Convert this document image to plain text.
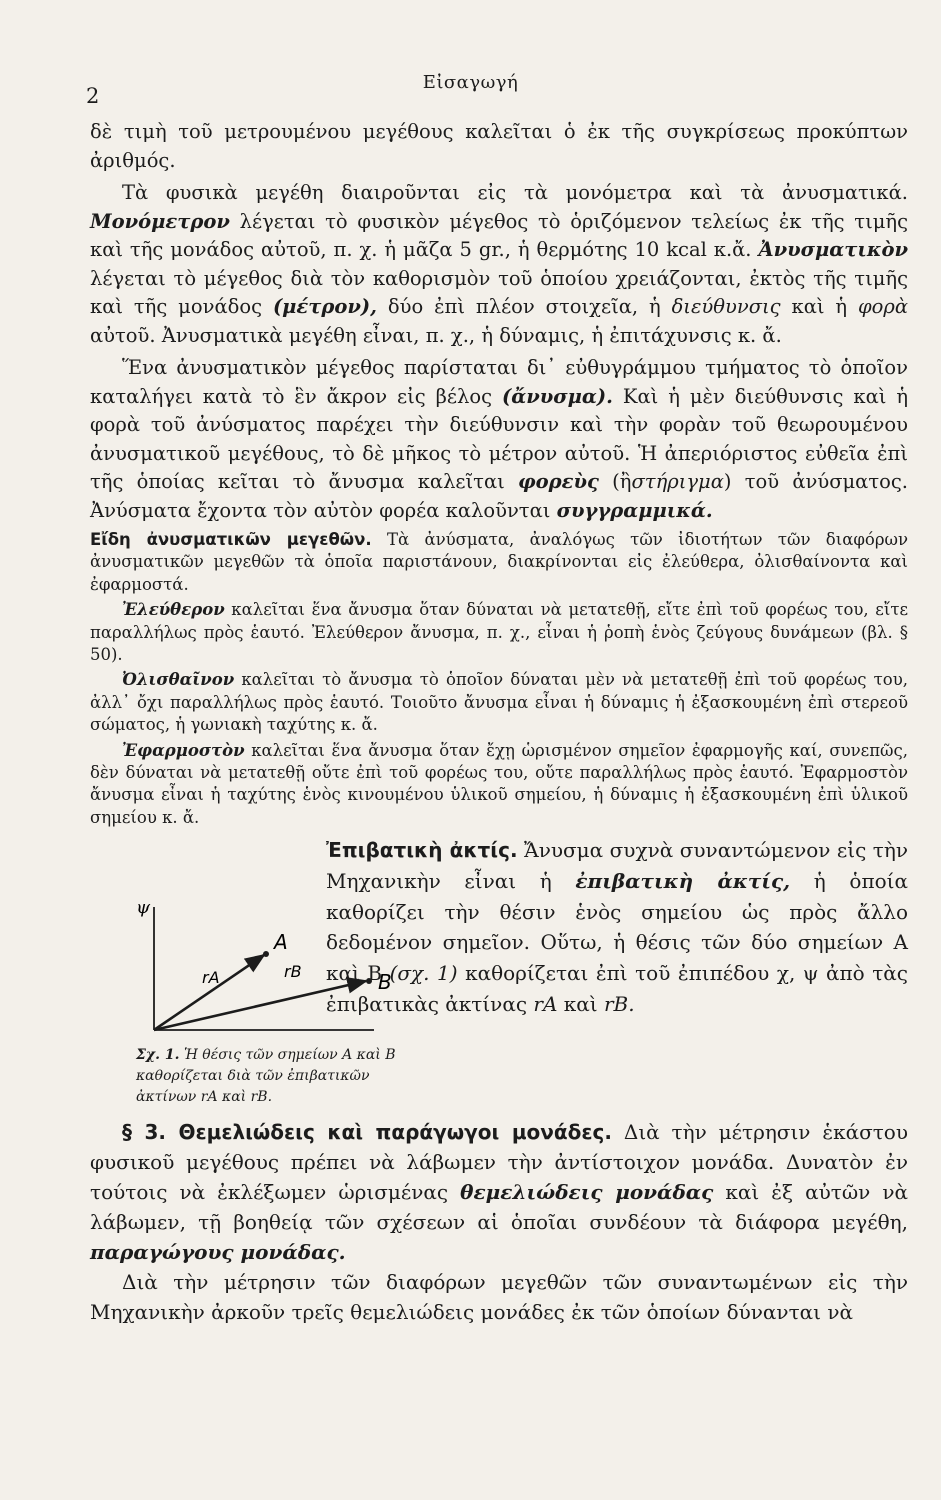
2
Εἰσαγωγή

δὲ τιμὴ τοῦ μετρουμένου μεγέθους καλεῖται ὁ ἐκ τῆς συγκρίσεως προκύπτων ἀριθμός.

Τὰ φυσικὰ μεγέθη διαιροῦνται εἰς τὰ μονόμετρα καὶ τὰ ἀνυσματικά. Μονόμετρον λέγεται τὸ φυσικὸν μέγεθος τὸ ὁριζόμενον τελείως ἐκ τῆς τιμῆς καὶ τῆς μονάδος αὐτοῦ, π. χ. ἡ μᾶζα 5 gr., ἡ θερμότης 10 kcal κ.ἄ. Ἀνυσματικὸν λέγεται τὸ μέγεθος διὰ τὸν καθορισμὸν τοῦ ὁποίου χρειάζονται, ἐκτὸς τῆς τιμῆς καὶ τῆς μονάδος (μέτρον), δύο ἐπὶ πλέον στοιχεῖα, ἡ διεύθυνσις καὶ ἡ φορὰ αὐτοῦ. Ἀνυσματικὰ μεγέθη εἶναι, π. χ., ἡ δύναμις, ἡ ἐπιτάχυνσις κ. ἄ.

Ἕνα ἀνυσματικὸν μέγεθος παρίσταται δι᾿ εὐθυγράμμου τμήματος τὸ ὁποῖον καταλήγει κατὰ τὸ ἓν ἄκρον εἰς βέλος (ἄνυσμα). Καὶ ἡ μὲν διεύθυνσις καὶ ἡ φορὰ τοῦ ἀνύσματος παρέχει τὴν διεύθυνσιν καὶ τὴν φορὰν τοῦ θεωρουμένου ἀνυσματικοῦ μεγέθους, τὸ δὲ μῆκος τὸ μέτρον αὐτοῦ. Ἡ ἀπεριόριστος εὐθεῖα ἐπὶ τῆς ὁποίας κεῖται τὸ ἄνυσμα καλεῖται φορεὺς (ἢστήριγμα) τοῦ ἀνύσματος. Ἀνύσματα ἔχοντα τὸν αὐτὸν φορέα καλοῦνται συγγραμμικά.

Εἴδη ἀνυσματικῶν μεγεθῶν. Τὰ ἀνύσματα, ἀναλόγως τῶν ἰδιοτήτων τῶν διαφόρων ἀνυσματικῶν μεγεθῶν τὰ ὁποῖα παριστάνουν, διακρίνονται εἰς ἐλεύθερα, ὀλισθαίνοντα καὶ ἐφαρμοστά.

Ἐλεύθερον καλεῖται ἕνα ἄνυσμα ὅταν δύναται νὰ μετατεθῇ, εἴτε ἐπὶ τοῦ φορέως του, εἴτε παραλλήλως πρὸς ἑαυτό. Ἐλεύθερον ἄνυσμα, π. χ., εἶναι ἡ ῥοπὴ ἑνὸς ζεύγους δυνάμεων (βλ. § 50).

Ὀλισθαῖνον καλεῖται τὸ ἄνυσμα τὸ ὁποῖον δύναται μὲν νὰ μετατεθῇ ἐπὶ τοῦ φορέως του, ἀλλ᾿ ὄχι παραλλήλως πρὸς ἑαυτό. Τοιοῦτο ἄνυσμα εἶναι ἡ δύναμις ἡ ἐξασκουμένη ἐπὶ στερεοῦ σώματος, ἡ γωνιακὴ ταχύτης κ. ἄ.

Ἐφαρμοστὸν καλεῖται ἕνα ἄνυσμα ὅταν ἔχῃ ὡρισμένον σημεῖον ἐφαρμογῆς καί, συνεπῶς, δὲν δύναται νὰ μετατεθῇ οὔτε ἐπὶ τοῦ φορέως του, οὔτε παραλλήλως πρὸς ἑαυτό. Ἐφαρμοστὸν ἄνυσμα εἶναι ἡ ταχύτης ἑνὸς κινουμένου ὑλικοῦ σημείου, ἡ δύναμις ἡ ἐξασκουμένη ἐπὶ ὑλικοῦ σημείου κ. ἄ.

ψ
A
B
rA	rB
Σχ. 1. Ἡ θέσις τῶν σημείων Α καὶ Β καθορίζεται διὰ τῶν ἐπιβατικῶν ἀκτίνων rA καὶ rB.

Ἐπιβατικὴ ἀκτίς. Ἄνυσμα συχνὰ συναντώμενον εἰς τὴν Μηχανικὴν εἶναι ἡ ἐπιβατικὴ ἀκτίς, ἡ ὁποία καθορίζει τὴν θέσιν ἑνὸς σημείου ὡς πρὸς ἄλλο δεδομένον σημεῖον. Οὕτω, ἡ θέσις τῶν δύο σημείων Α καὶ Β (σχ. 1) καθορίζεται ἐπὶ τοῦ ἐπιπέδου χ, ψ ἀπὸ τὰς ἐπιβατικὰς ἀκτίνας rA καὶ rB.

§ 3. Θεμελιώδεις καὶ παράγωγοι μονάδες. Διὰ τὴν μέτρησιν ἑκάστου φυσικοῦ μεγέθους πρέπει νὰ λάβωμεν τὴν ἀντίστοιχον μονάδα. Δυνατὸν ἐν τούτοις νὰ ἐκλέξωμεν ὡρισμένας θεμελιώδεις μονάδας καὶ ἐξ αὐτῶν νὰ λάβωμεν, τῇ βοηθείᾳ τῶν σχέσεων αἱ ὁποῖαι συνδέουν τὰ διάφορα μεγέθη, παραγώγους μονάδας.

Διὰ τὴν μέτρησιν τῶν διαφόρων μεγεθῶν τῶν συναντωμένων εἰς τὴν Μηχανικὴν ἀρκοῦν τρεῖς θεμελιώδεις μονάδες ἐκ τῶν ὁποίων δύνανται νὰ
